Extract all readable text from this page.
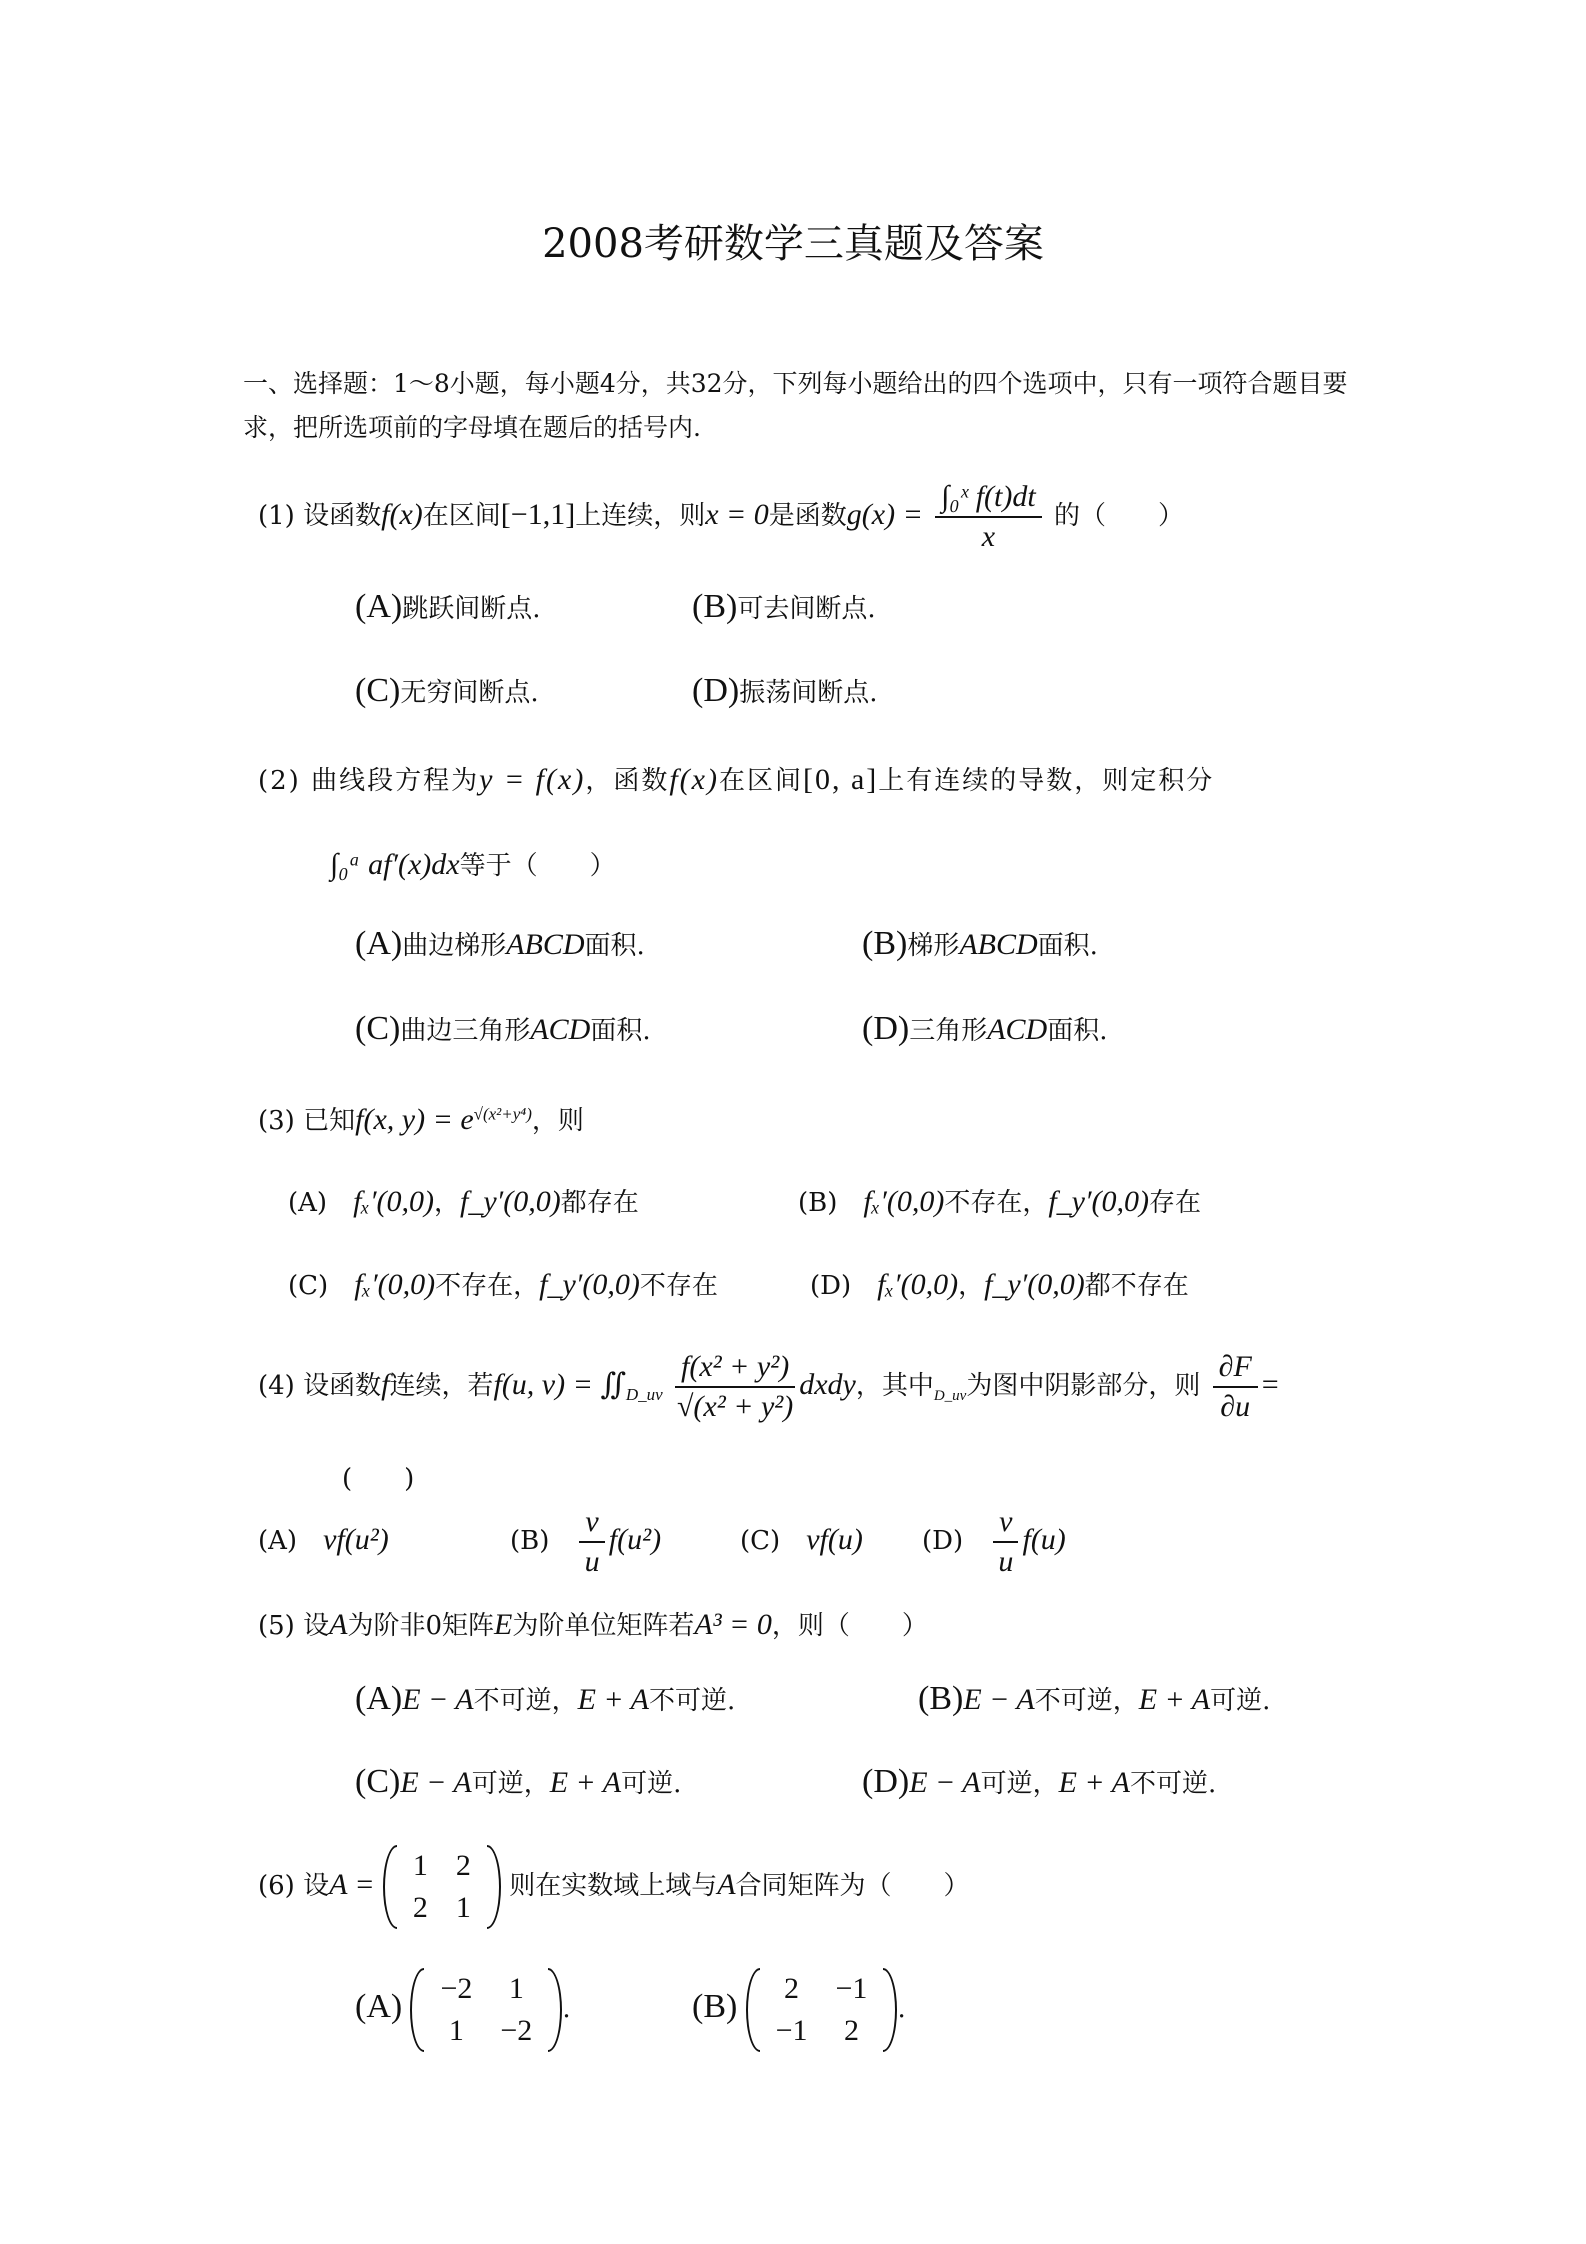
2008考研数学三真题及答案
一、选择题：1～8小题，每小题4分，共32分，下列每小题给出的四个选项中，只有一项符合题目要求，把所选项前的字母填在题后的括号内.
(1) 设函数f(x)在区间[−1,1]上连续，则x = 0是函数$g(x) = \frac{\text{∫₀ˣ f(t)dt}}{x}$ 的（　　）
(A)跳跃间断点.	(B)可去间断点.
(C)无穷间断点.	(D)振荡间断点.
(2) 曲线段方程为y = f(x)，函数f(x)在区间[0, a]上有连续的导数，则定积分
∫₀ᵃ af′(x)dx等于（　　）
(A)曲边梯形ABCD面积.	(B)梯形ABCD面积.
(C)曲边三角形ACD面积.	(D)三角形ACD面积.
(3) 已知f(x, $y) = e^{√(x^2+y^4)}$，则
(A)　 fₓ′(0,0)，f_y′(0,0)都存在	(B)　 fₓ′(0,0)不存在，f_y′(0,0)存在
(C)　 fₓ′(0,0)不存在，f_y′(0,0)不存在	(D)　 fₓ′(0,0)，f_y′(0,0)都不存在
(4) 设函数f连续，若f(u, $v) = ∬_{D\_uv} \frac{\text{f(x² + y²)}}{\text{√(x² + y²)}}$ dxdy，其中$_{D\_uv}$为图中阴影部分，则 $\frac{\partial F}{\partial u}$ =
(　　)
(A)　 vf(u²)	(B)　 $\frac{v}{u} f(u^2)$	(C)　 vf(u) (D)　 $\frac{v}{u} f(u)$
(5) 设A为阶非0矩阵E为阶单位矩阵若A³ = 0，则（　　）
(A)E − A不可逆，E + A不可逆.	(B)E − A不可逆，E + A可逆.
(C)E − A可逆，E + A可逆.	(D)E − A可逆，E + A不可逆.
(6) 设A =
1	2
2	1
则在实数域上域与A合同矩阵为（　　）
(A) −2	1
1	−2
.	(B) 2	−1
−1	2
.
